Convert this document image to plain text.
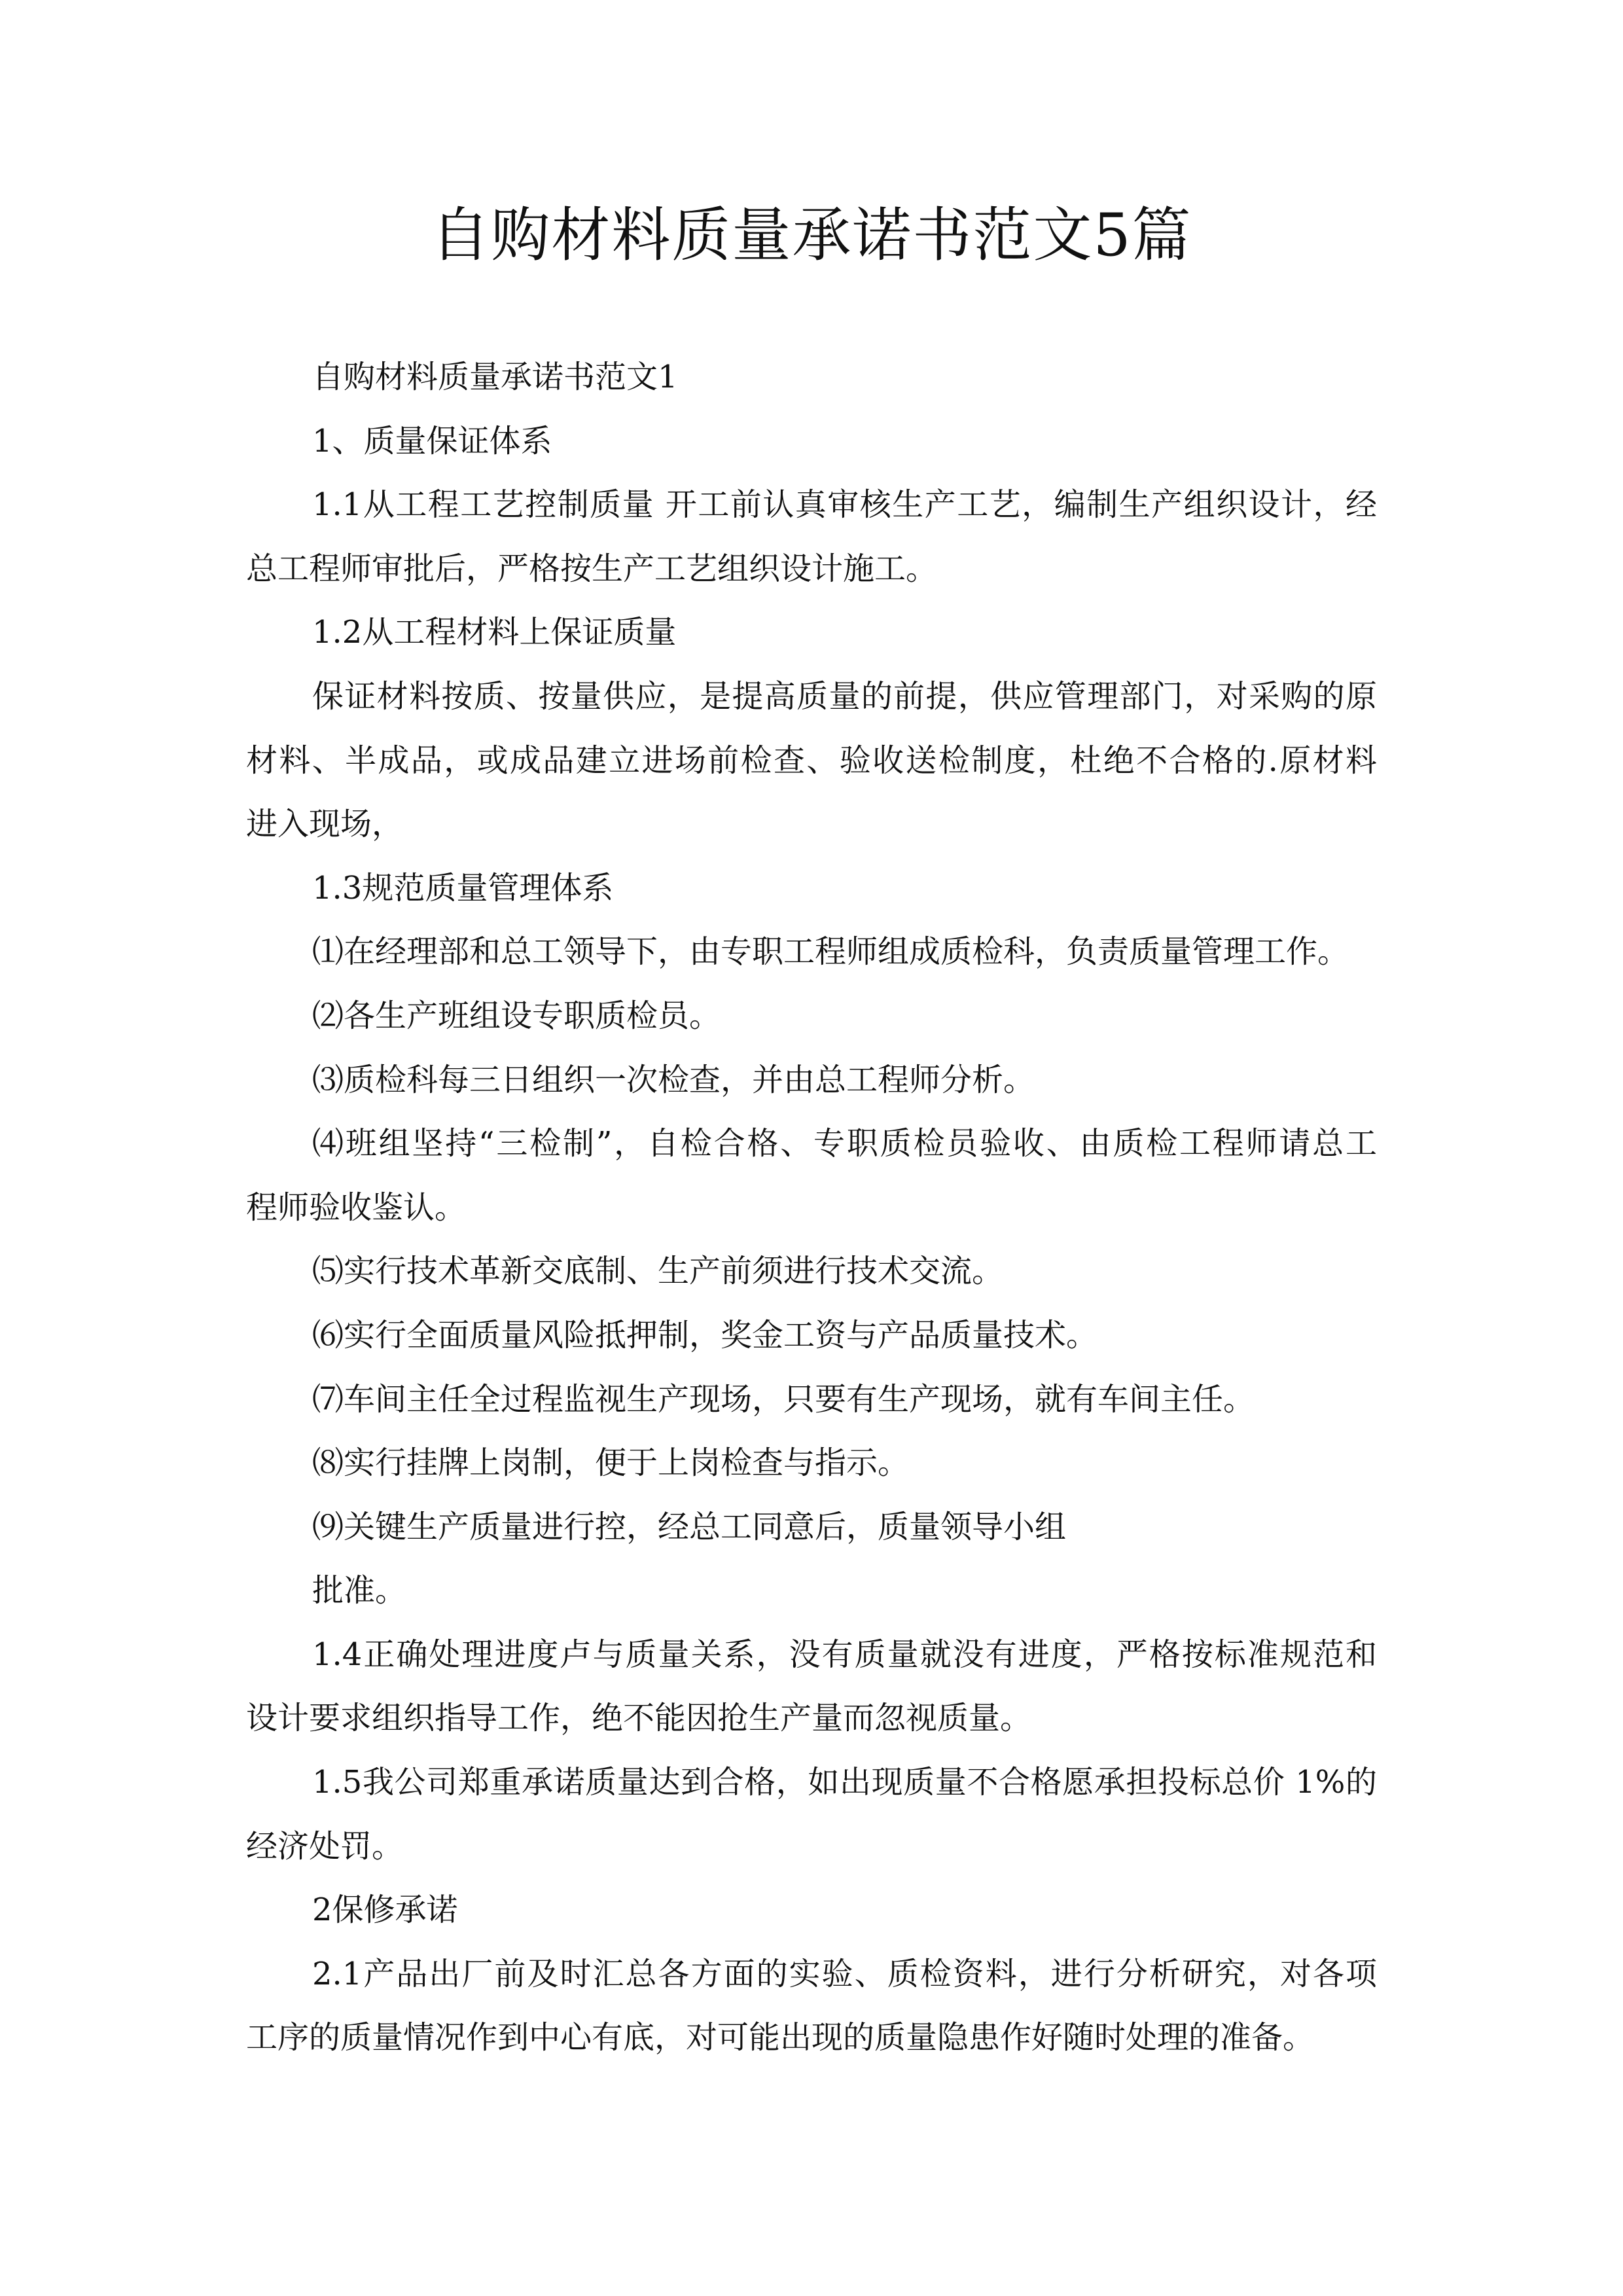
自购材料质量承诺书范文5篇
自购材料质量承诺书范文1
1、质量保证体系
1.1从工程工艺控制质量 开工前认真审核生产工艺，编制生产组织设计，经
总工程师审批后，严格按生产工艺组织设计施工。
1.2从工程材料上保证质量
保证材料按质、按量供应，是提高质量的前提，供应管理部门，对采购的原
材料、半成品，或成品建立进场前检查、验收送检制度，杜绝不合格的.原材料
进入现场，
1.3规范质量管理体系
⑴在经理部和总工领导下，由专职工程师组成质检科，负责质量管理工作。
⑵各生产班组设专职质检员。
⑶质检科每三日组织一次检查，并由总工程师分析。
⑷班组坚持“三检制”，自检合格、专职质检员验收、由质检工程师请总工
程师验收鉴认。
⑸实行技术革新交底制、生产前须进行技术交流。
⑹实行全面质量风险抵押制，奖金工资与产品质量技术。
⑺车间主任全过程监视生产现场，只要有生产现场，就有车间主任。
⑻实行挂牌上岗制，便于上岗检查与指示。
⑼关键生产质量进行控，经总工同意后，质量领导小组
批准。
1.4正确处理进度卢与质量关系，没有质量就没有进度，严格按标准规范和
设计要求组织指导工作，绝不能因抢生产量而忽视质量。
1.5我公司郑重承诺质量达到合格，如出现质量不合格愿承担投标总价 1%的
经济处罚。
2保修承诺
2.1产品出厂前及时汇总各方面的实验、质检资料，进行分析研究，对各项
工序的质量情况作到中心有底，对可能出现的质量隐患作好随时处理的准备。
